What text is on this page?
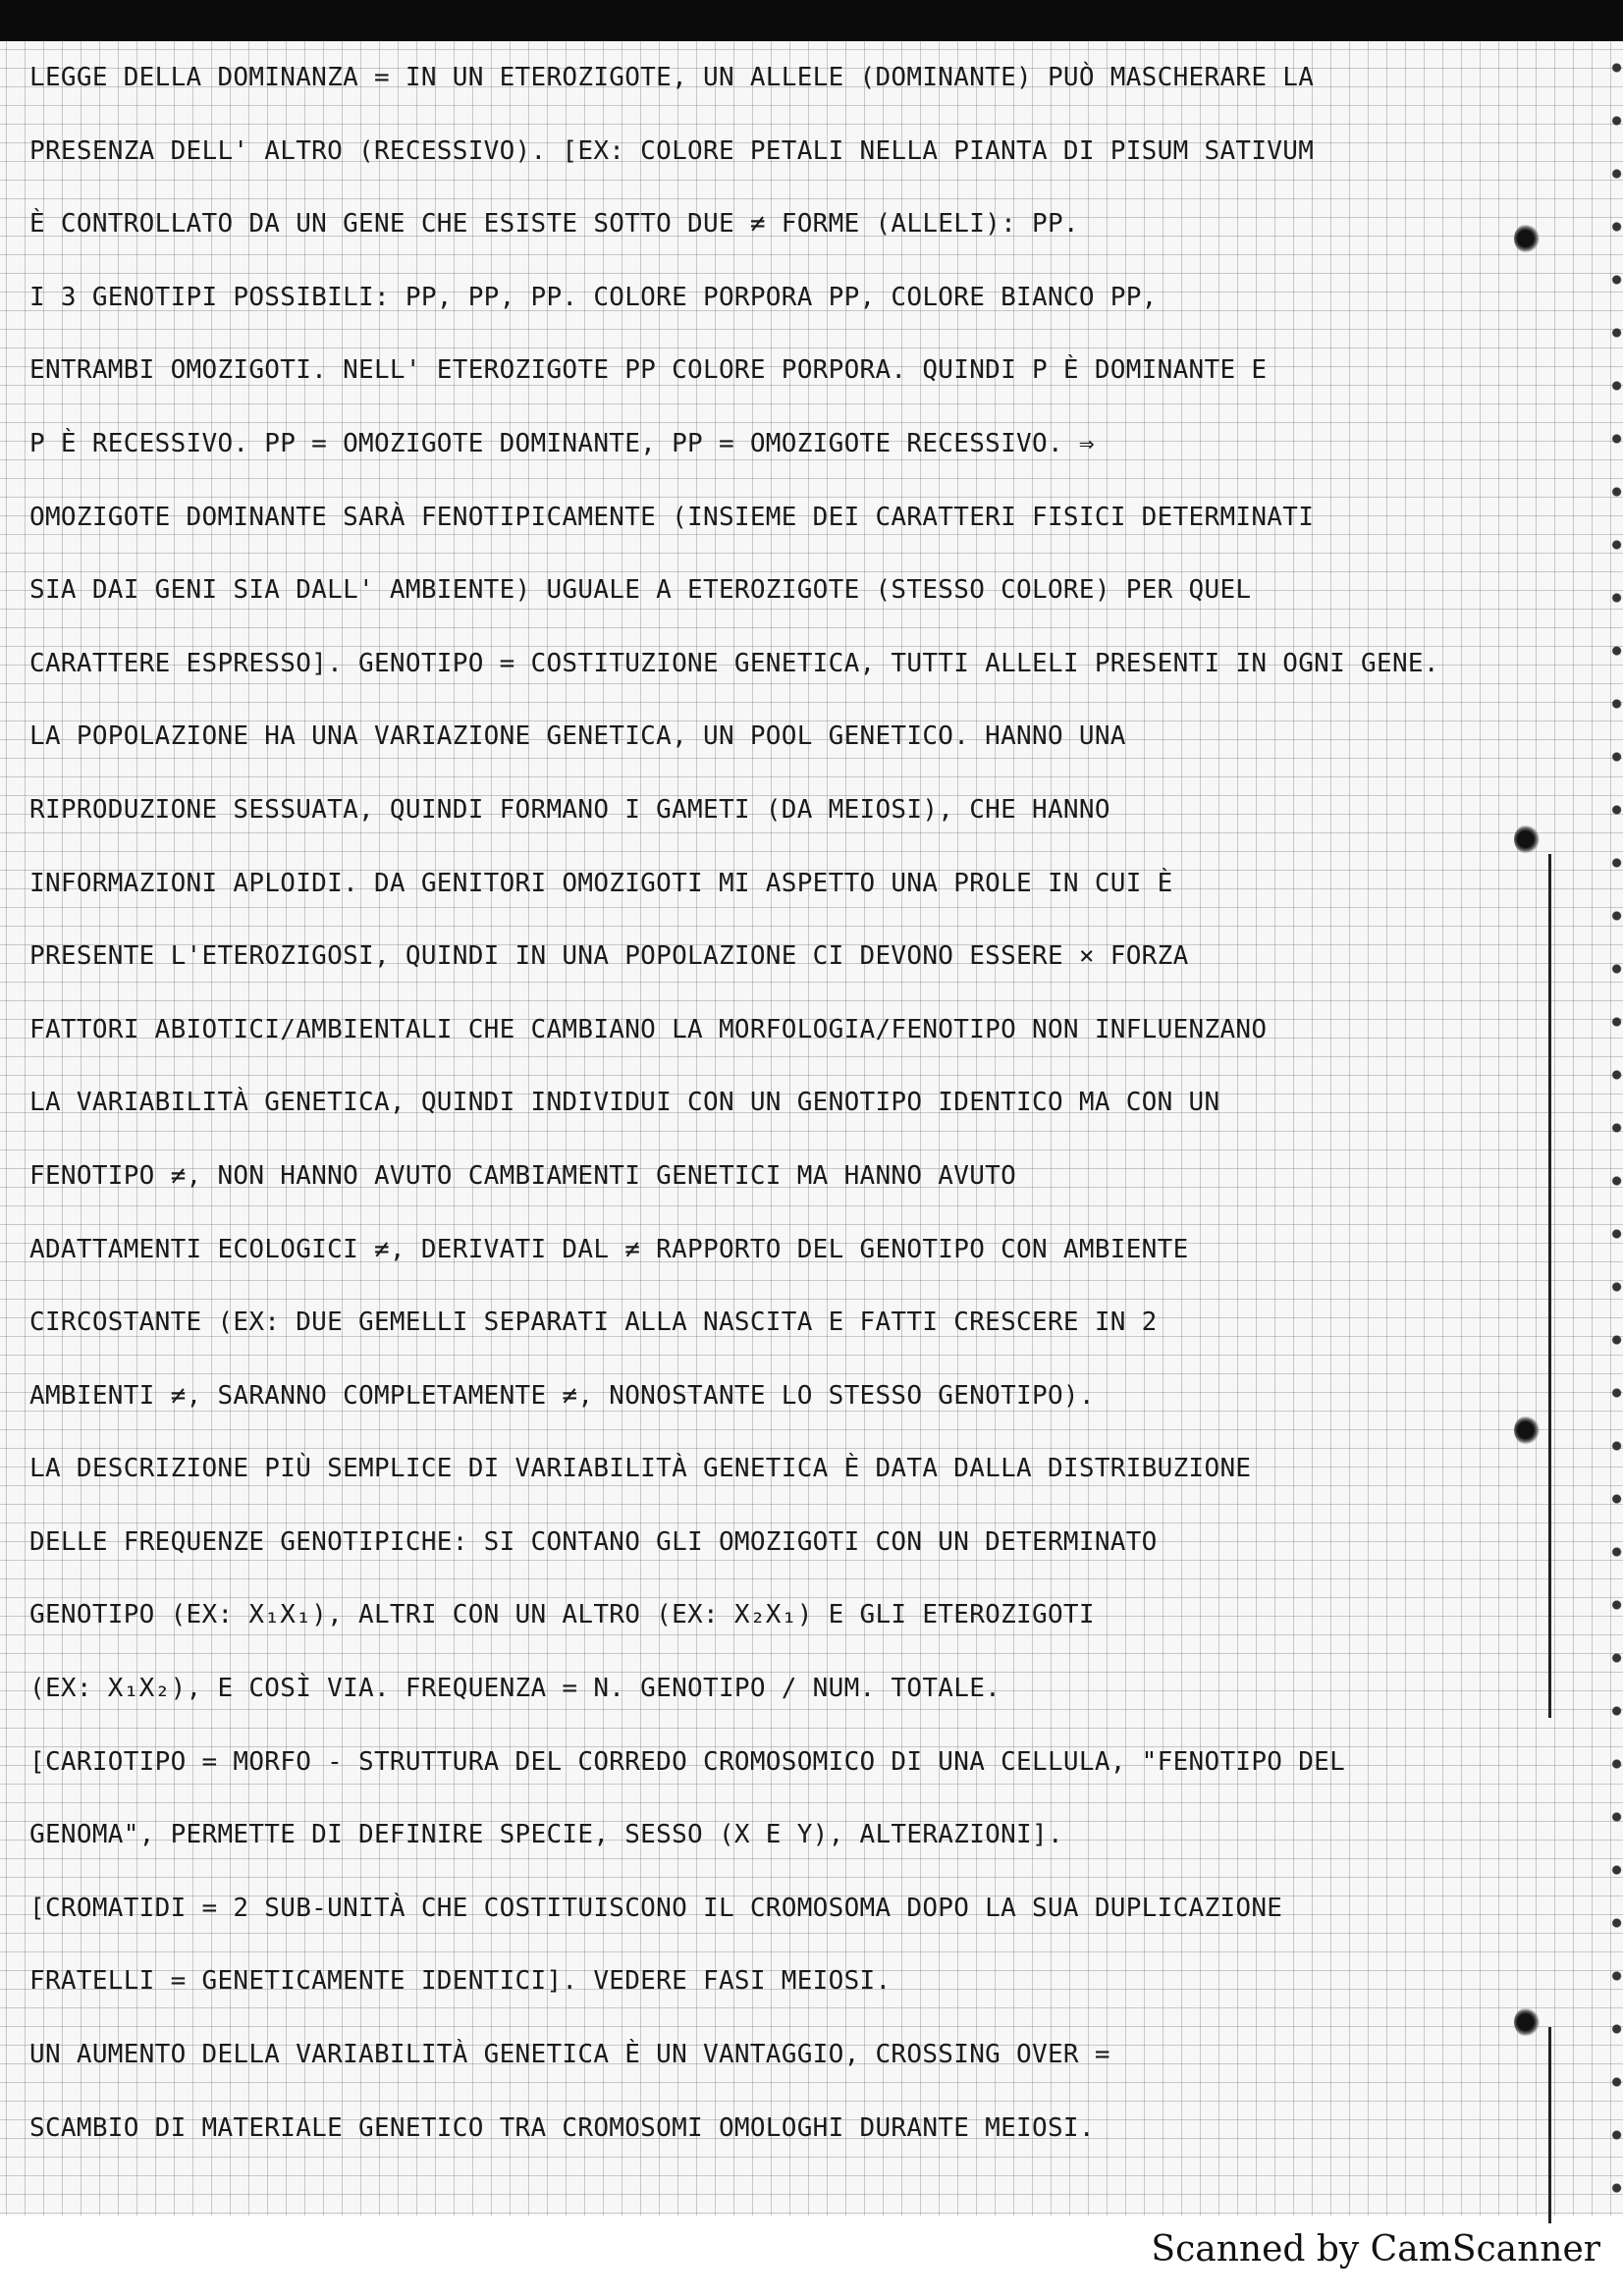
LEGGE DELLA DOMINANZA = IN UN ETEROZIGOTE, UN ALLELE (DOMINANTE) PUÒ MASCHERARE LA
PRESENZA DELL' ALTRO (RECESSIVO). [EX: COLORE PETALI NELLA PIANTA DI PISUM SATIVUM
È CONTROLLATO DA UN GENE CHE ESISTE SOTTO DUE ≠ FORME (ALLELI): PP.
I 3 GENOTIPI POSSIBILI: PP, PP, PP. COLORE PORPORA PP, COLORE BIANCO PP,
ENTRAMBI OMOZIGOTI. NELL' ETEROZIGOTE PP COLORE PORPORA. QUINDI P È DOMINANTE E
P È RECESSIVO. PP = OMOZIGOTE DOMINANTE, PP = OMOZIGOTE RECESSIVO. ⇒
OMOZIGOTE DOMINANTE SARÀ FENOTIPICAMENTE (INSIEME DEI CARATTERI FISICI DETERMINATI
SIA DAI GENI SIA DALL' AMBIENTE) UGUALE A ETEROZIGOTE (STESSO COLORE) PER QUEL
CARATTERE ESPRESSO]. GENOTIPO = COSTITUZIONE GENETICA, TUTTI ALLELI PRESENTI IN OGNI GENE.
LA POPOLAZIONE HA UNA VARIAZIONE GENETICA, UN POOL GENETICO. HANNO UNA
RIPRODUZIONE SESSUATA, QUINDI FORMANO I GAMETI (DA MEIOSI), CHE HANNO
INFORMAZIONI APLOIDI. DA GENITORI OMOZIGOTI MI ASPETTO UNA PROLE IN CUI È
PRESENTE L'ETEROZIGOSI, QUINDI IN UNA POPOLAZIONE CI DEVONO ESSERE × FORZA
FATTORI ABIOTICI/AMBIENTALI CHE CAMBIANO LA MORFOLOGIA/FENOTIPO NON INFLUENZANO
LA VARIABILITÀ GENETICA, QUINDI INDIVIDUI CON UN GENOTIPO IDENTICO MA CON UN
FENOTIPO ≠, NON HANNO AVUTO CAMBIAMENTI GENETICI MA HANNO AVUTO
ADATTAMENTI ECOLOGICI ≠, DERIVATI DAL ≠ RAPPORTO DEL GENOTIPO CON AMBIENTE
CIRCOSTANTE (EX: DUE GEMELLI SEPARATI ALLA NASCITA E FATTI CRESCERE IN 2
AMBIENTI ≠, SARANNO COMPLETAMENTE ≠, NONOSTANTE LO STESSO GENOTIPO).
LA DESCRIZIONE PIÙ SEMPLICE DI VARIABILITÀ GENETICA È DATA DALLA DISTRIBUZIONE
DELLE FREQUENZE GENOTIPICHE: SI CONTANO GLI OMOZIGOTI CON UN DETERMINATO
GENOTIPO (EX: X₁X₁), ALTRI CON UN ALTRO (EX: X₂X₁) E GLI ETEROZIGOTI
(EX: X₁X₂), E COSÌ VIA. FREQUENZA = N. GENOTIPO / NUM. TOTALE.
[CARIOTIPO = MORFO - STRUTTURA DEL CORREDO CROMOSOMICO DI UNA CELLULA, "FENOTIPO DEL
GENOMA", PERMETTE DI DEFINIRE SPECIE, SESSO (X E Y), ALTERAZIONI].
[CROMATIDI = 2 SUB-UNITÀ CHE COSTITUISCONO IL CROMOSOMA DOPO LA SUA DUPLICAZIONE
FRATELLI = GENETICAMENTE IDENTICI]. VEDERE FASI MEIOSI.
UN AUMENTO DELLA VARIABILITÀ GENETICA È UN VANTAGGIO, CROSSING OVER =
SCAMBIO DI MATERIALE GENETICO TRA CROMOSOMI OMOLOGHI DURANTE MEIOSI.
Scanned by CamScanner
